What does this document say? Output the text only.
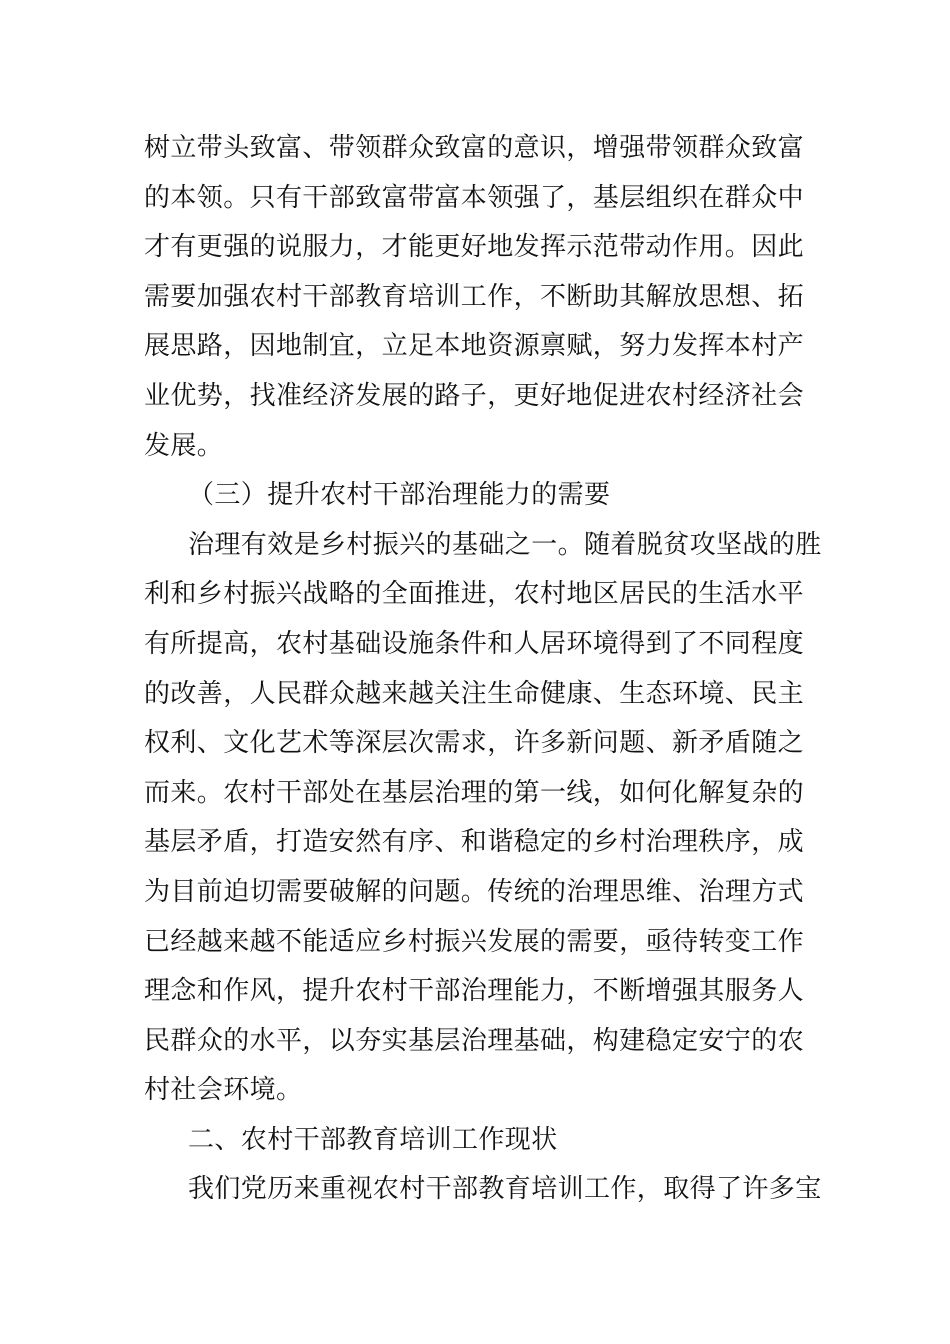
树立带头致富、带领群众致富的意识，增强带领群众致富
的本领。只有干部致富带富本领强了，基层组织在群众中
才有更强的说服力，才能更好地发挥示范带动作用。因此
需要加强农村干部教育培训工作，不断助其解放思想、拓
展思路，因地制宜，立足本地资源禀赋，努力发挥本村产
业优势，找准经济发展的路子，更好地促进农村经济社会
发展。
（三）提升农村干部治理能力的需要
治理有效是乡村振兴的基础之一。随着脱贫攻坚战的胜
利和乡村振兴战略的全面推进，农村地区居民的生活水平
有所提高，农村基础设施条件和人居环境得到了不同程度
的改善，人民群众越来越关注生命健康、生态环境、民主
权利、文化艺术等深层次需求，许多新问题、新矛盾随之
而来。农村干部处在基层治理的第一线，如何化解复杂的
基层矛盾，打造安然有序、和谐稳定的乡村治理秩序，成
为目前迫切需要破解的问题。传统的治理思维、治理方式
已经越来越不能适应乡村振兴发展的需要，亟待转变工作
理念和作风，提升农村干部治理能力，不断增强其服务人
民群众的水平，以夯实基层治理基础，构建稳定安宁的农
村社会环境。
二、农村干部教育培训工作现状
我们党历来重视农村干部教育培训工作，取得了许多宝
